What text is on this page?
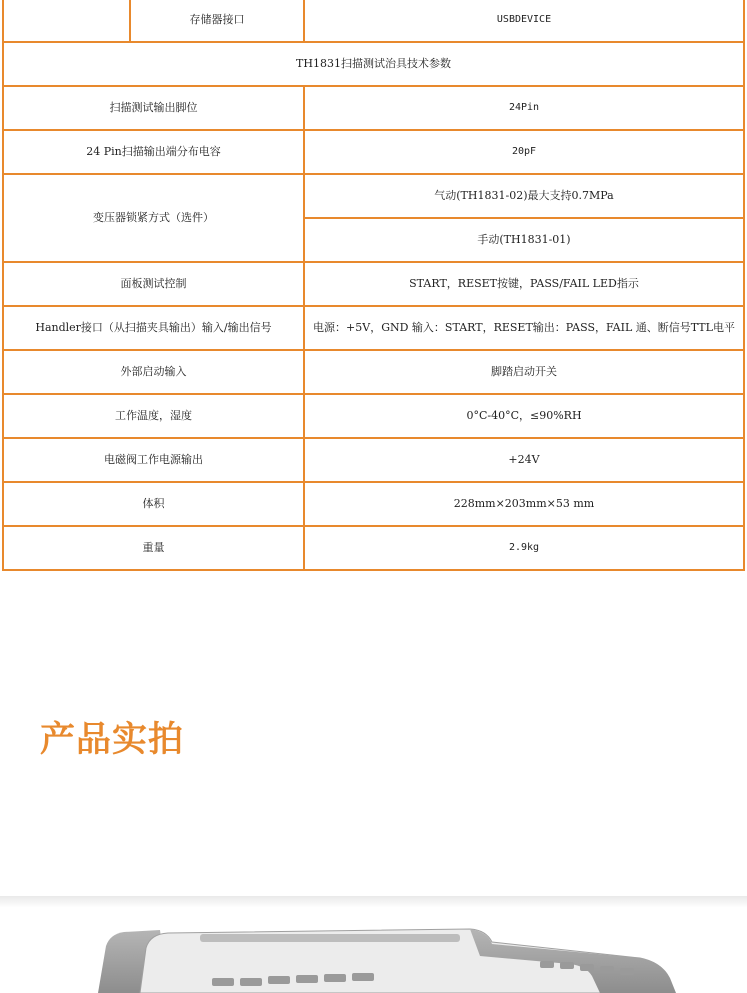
	存储器接口	USBDEVICE
TH1831扫描测试治具技术参数		
扫描测试输出脚位		24Pin
24 Pin扫描输出端分布电容		20pF
变压器锁紧方式（选件）		气动(TH1831-02)最大支持0.7MPa
		手动(TH1831-01)
面板测试控制		START，RESET按键，PASS/FAIL LED指示
Handler接口（从扫描夹具输出）输入/输出信号		电源：+5V，GND 输入：START，RESET输出：PASS，FAIL 通、断信号TTL电平
外部启动输入		脚踏启动开关
工作温度，湿度		0°C-40°C，≤90%RH
电磁阀工作电源输出		+24V
体积		228mm×203mm×53 mm
重量		2.9kg
产品实拍
